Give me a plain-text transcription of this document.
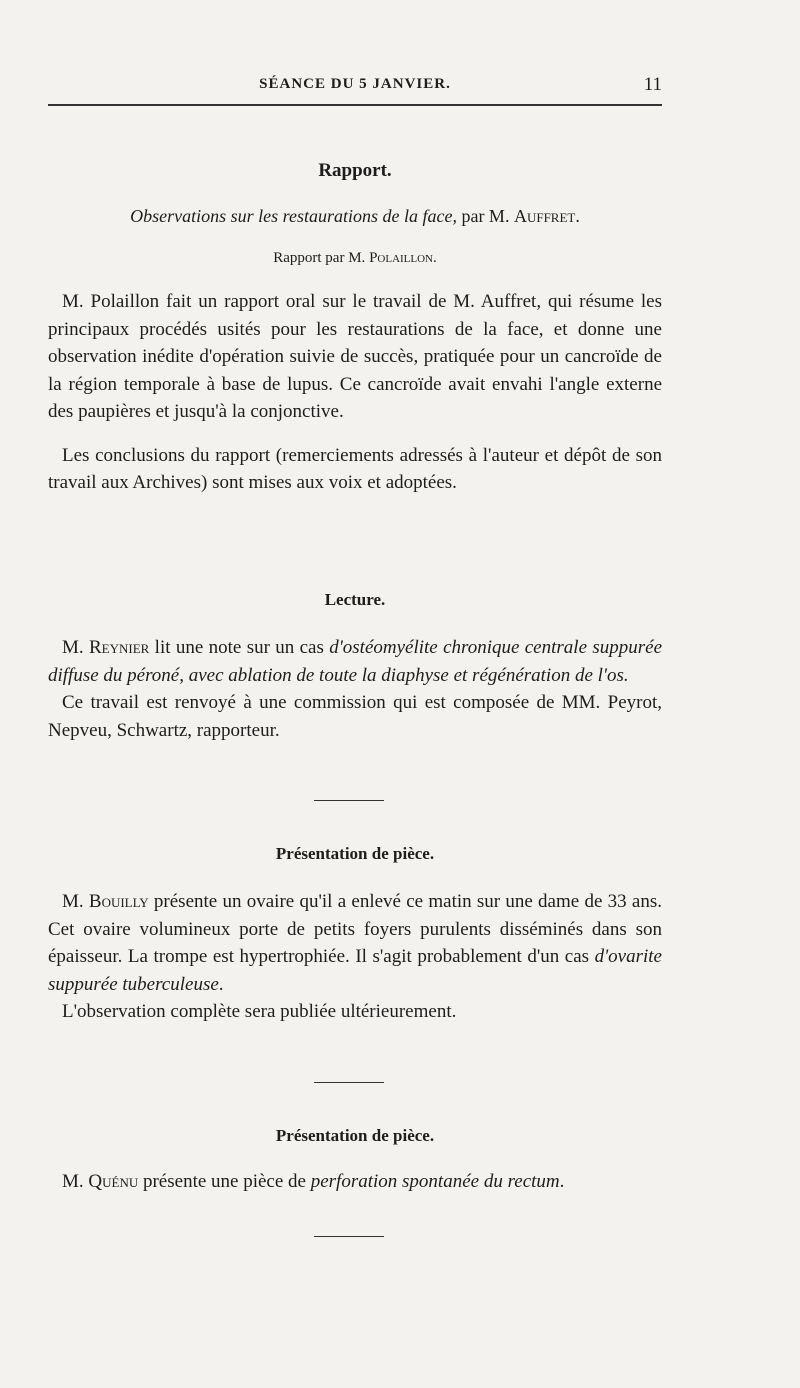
SÉANCE DU 5 JANVIER.	11
Rapport.
Observations sur les restaurations de la face, par M. Auffret.
Rapport par M. Polaillon.

M. Polaillon fait un rapport oral sur le travail de M. Auffret, qui résume les principaux procédés usités pour les restaurations de la face, et donne une observation inédite d'opération suivie de succès, pratiquée pour un cancroïde de la région temporale à base de lupus. Ce cancroïde avait envahi l'angle externe des paupières et jusqu'à la conjonctive.

Les conclusions du rapport (remerciements adressés à l'auteur et dépôt de son travail aux Archives) sont mises aux voix et adoptées.

Lecture.

M. Reynier lit une note sur un cas d'ostéomyélite chronique centrale suppurée diffuse du péroné, avec ablation de toute la diaphyse et régénération de l'os.

Ce travail est renvoyé à une commission qui est composée de MM. Peyrot, Nepveu, Schwartz, rapporteur.

Présentation de pièce.

M. Bouilly présente un ovaire qu'il a enlevé ce matin sur une dame de 33 ans. Cet ovaire volumineux porte de petits foyers purulents disséminés dans son épaisseur. La trompe est hypertrophiée. Il s'agit probablement d'un cas d'ovarite suppurée tuberculeuse.

L'observation complète sera publiée ultérieurement.

Présentation de pièce.

M. Quénu présente une pièce de perforation spontanée du rectum.
